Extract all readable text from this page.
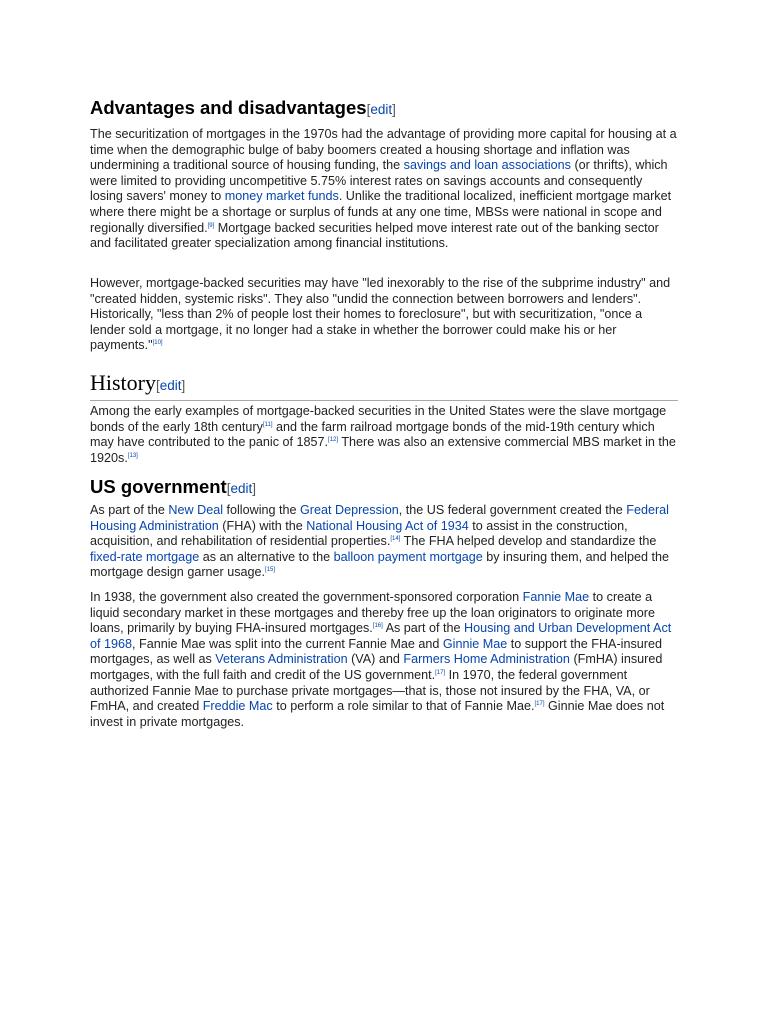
Advantages and disadvantages[edit]

The securitization of mortgages in the 1970s had the advantage of providing more capital for housing at a time when the demographic bulge of baby boomers created a housing shortage and inflation was undermining a traditional source of housing funding, the savings and loan associations (or thrifts), which were limited to providing uncompetitive 5.75% interest rates on savings accounts and consequently losing savers' money to money market funds. Unlike the traditional localized, inefficient mortgage market where there might be a shortage or surplus of funds at any one time, MBSs were national in scope and regionally diversified.[9] Mortgage backed securities helped move interest rate out of the banking sector and facilitated greater specialization among financial institutions.

However, mortgage-backed securities may have "led inexorably to the rise of the subprime industry" and "created hidden, systemic risks". They also "undid the connection between borrowers and lenders". Historically, "less than 2% of people lost their homes to foreclosure", but with securitization, "once a lender sold a mortgage, it no longer had a stake in whether the borrower could make his or her payments."[10]

History[edit]

Among the early examples of mortgage-backed securities in the United States were the slave mortgage bonds of the early 18th century[11] and the farm railroad mortgage bonds of the mid-19th century which may have contributed to the panic of 1857.[12] There was also an extensive commercial MBS market in the 1920s.[13]

US government[edit]

As part of the New Deal following the Great Depression, the US federal government created the Federal Housing Administration (FHA) with the National Housing Act of 1934 to assist in the construction, acquisition, and rehabilitation of residential properties.[14] The FHA helped develop and standardize the fixed-rate mortgage as an alternative to the balloon payment mortgage by insuring them, and helped the mortgage design garner usage.[15]

In 1938, the government also created the government-sponsored corporation Fannie Mae to create a liquid secondary market in these mortgages and thereby free up the loan originators to originate more loans, primarily by buying FHA-insured mortgages.[16] As part of the Housing and Urban Development Act of 1968, Fannie Mae was split into the current Fannie Mae and Ginnie Mae to support the FHA-insured mortgages, as well as Veterans Administration (VA) and Farmers Home Administration (FmHA) insured mortgages, with the full faith and credit of the US government.[17] In 1970, the federal government authorized Fannie Mae to purchase private mortgages—that is, those not insured by the FHA, VA, or FmHA, and created Freddie Mac to perform a role similar to that of Fannie Mae.[17] Ginnie Mae does not invest in private mortgages.
